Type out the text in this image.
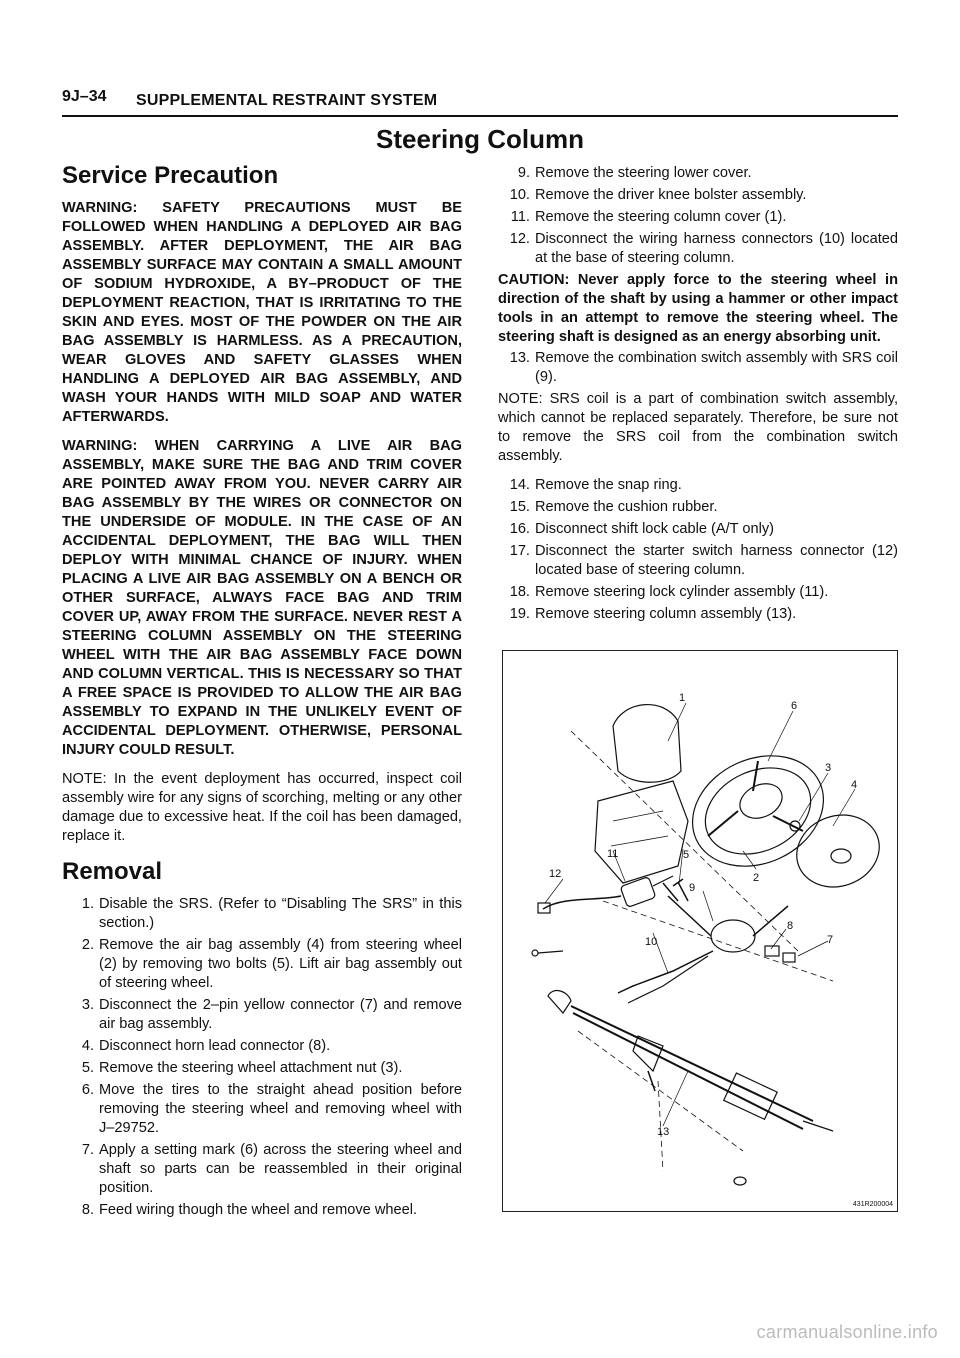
9J–34 SUPPLEMENTAL RESTRAINT SYSTEM
Steering Column
Service Precaution

WARNING: SAFETY PRECAUTIONS MUST BE FOLLOWED WHEN HANDLING A DEPLOYED AIR BAG ASSEMBLY. AFTER DEPLOYMENT, THE AIR BAG ASSEMBLY SURFACE MAY CONTAIN A SMALL AMOUNT OF SODIUM HYDROXIDE, A BY–PRODUCT OF THE DEPLOYMENT REACTION, THAT IS IRRITATING TO THE SKIN AND EYES. MOST OF THE POWDER ON THE AIR BAG ASSEMBLY IS HARMLESS. AS A PRECAUTION, WEAR GLOVES AND SAFETY GLASSES WHEN HANDLING A DEPLOYED AIR BAG ASSEMBLY, AND WASH YOUR HANDS WITH MILD SOAP AND WATER AFTERWARDS.

WARNING: WHEN CARRYING A LIVE AIR BAG ASSEMBLY, MAKE SURE THE BAG AND TRIM COVER ARE POINTED AWAY FROM YOU. NEVER CARRY AIR BAG ASSEMBLY BY THE WIRES OR CONNECTOR ON THE UNDERSIDE OF MODULE. IN THE CASE OF AN ACCIDENTAL DEPLOYMENT, THE BAG WILL THEN DEPLOY WITH MINIMAL CHANCE OF INJURY. WHEN PLACING A LIVE AIR BAG ASSEMBLY ON A BENCH OR OTHER SURFACE, ALWAYS FACE BAG AND TRIM COVER UP, AWAY FROM THE SURFACE. NEVER REST A STEERING COLUMN ASSEMBLY ON THE STEERING WHEEL WITH THE AIR BAG ASSEMBLY FACE DOWN AND COLUMN VERTICAL. THIS IS NECESSARY SO THAT A FREE SPACE IS PROVIDED TO ALLOW THE AIR BAG ASSEMBLY TO EXPAND IN THE UNLIKELY EVENT OF ACCIDENTAL DEPLOYMENT. OTHERWISE, PERSONAL INJURY COULD RESULT.

NOTE: In the event deployment has occurred, inspect coil assembly wire for any signs of scorching, melting or any other damage due to excessive heat. If the coil has been damaged, replace it.

Removal
1. Disable the SRS. (Refer to “Disabling The SRS” in this section.)
2. Remove the air bag assembly (4) from steering wheel (2) by removing two bolts (5). Lift air bag assembly out of steering wheel.
3. Disconnect the 2–pin yellow connector (7) and remove air bag assembly.
4. Disconnect horn lead connector (8).
5. Remove the steering wheel attachment nut (3).
6. Move the tires to the straight ahead position before removing the steering wheel and removing wheel with J–29752.
7. Apply a setting mark (6) across the steering wheel and shaft so parts can be reassembled in their original position.
8. Feed wiring though the wheel and remove wheel.
9. Remove the steering lower cover.
10. Remove the driver knee bolster assembly.
11. Remove the steering column cover (1).
12. Disconnect the wiring harness connectors (10) located at the base of steering column.

CAUTION: Never apply force to the steering wheel in direction of the shaft by using a hammer or other impact tools in an attempt to remove the steering wheel. The steering shaft is designed as an energy absorbing unit.

13. Remove the combination switch assembly with SRS coil (9).

NOTE: SRS coil is a part of combination switch assembly, which cannot be replaced separately. Therefore, be sure not to remove the SRS coil from the combination switch assembly.

14. Remove the snap ring.
15. Remove the cushion rubber.
16. Disconnect shift lock cable (A/T only)
17. Disconnect the starter switch harness connector (12) located base of steering column.
18. Remove steering lock cylinder assembly (11).
19. Remove steering column assembly (13).
1
6
3
4
5
11
2
12
9
8
7
10
13
431R200004
carmanualsonline.info
